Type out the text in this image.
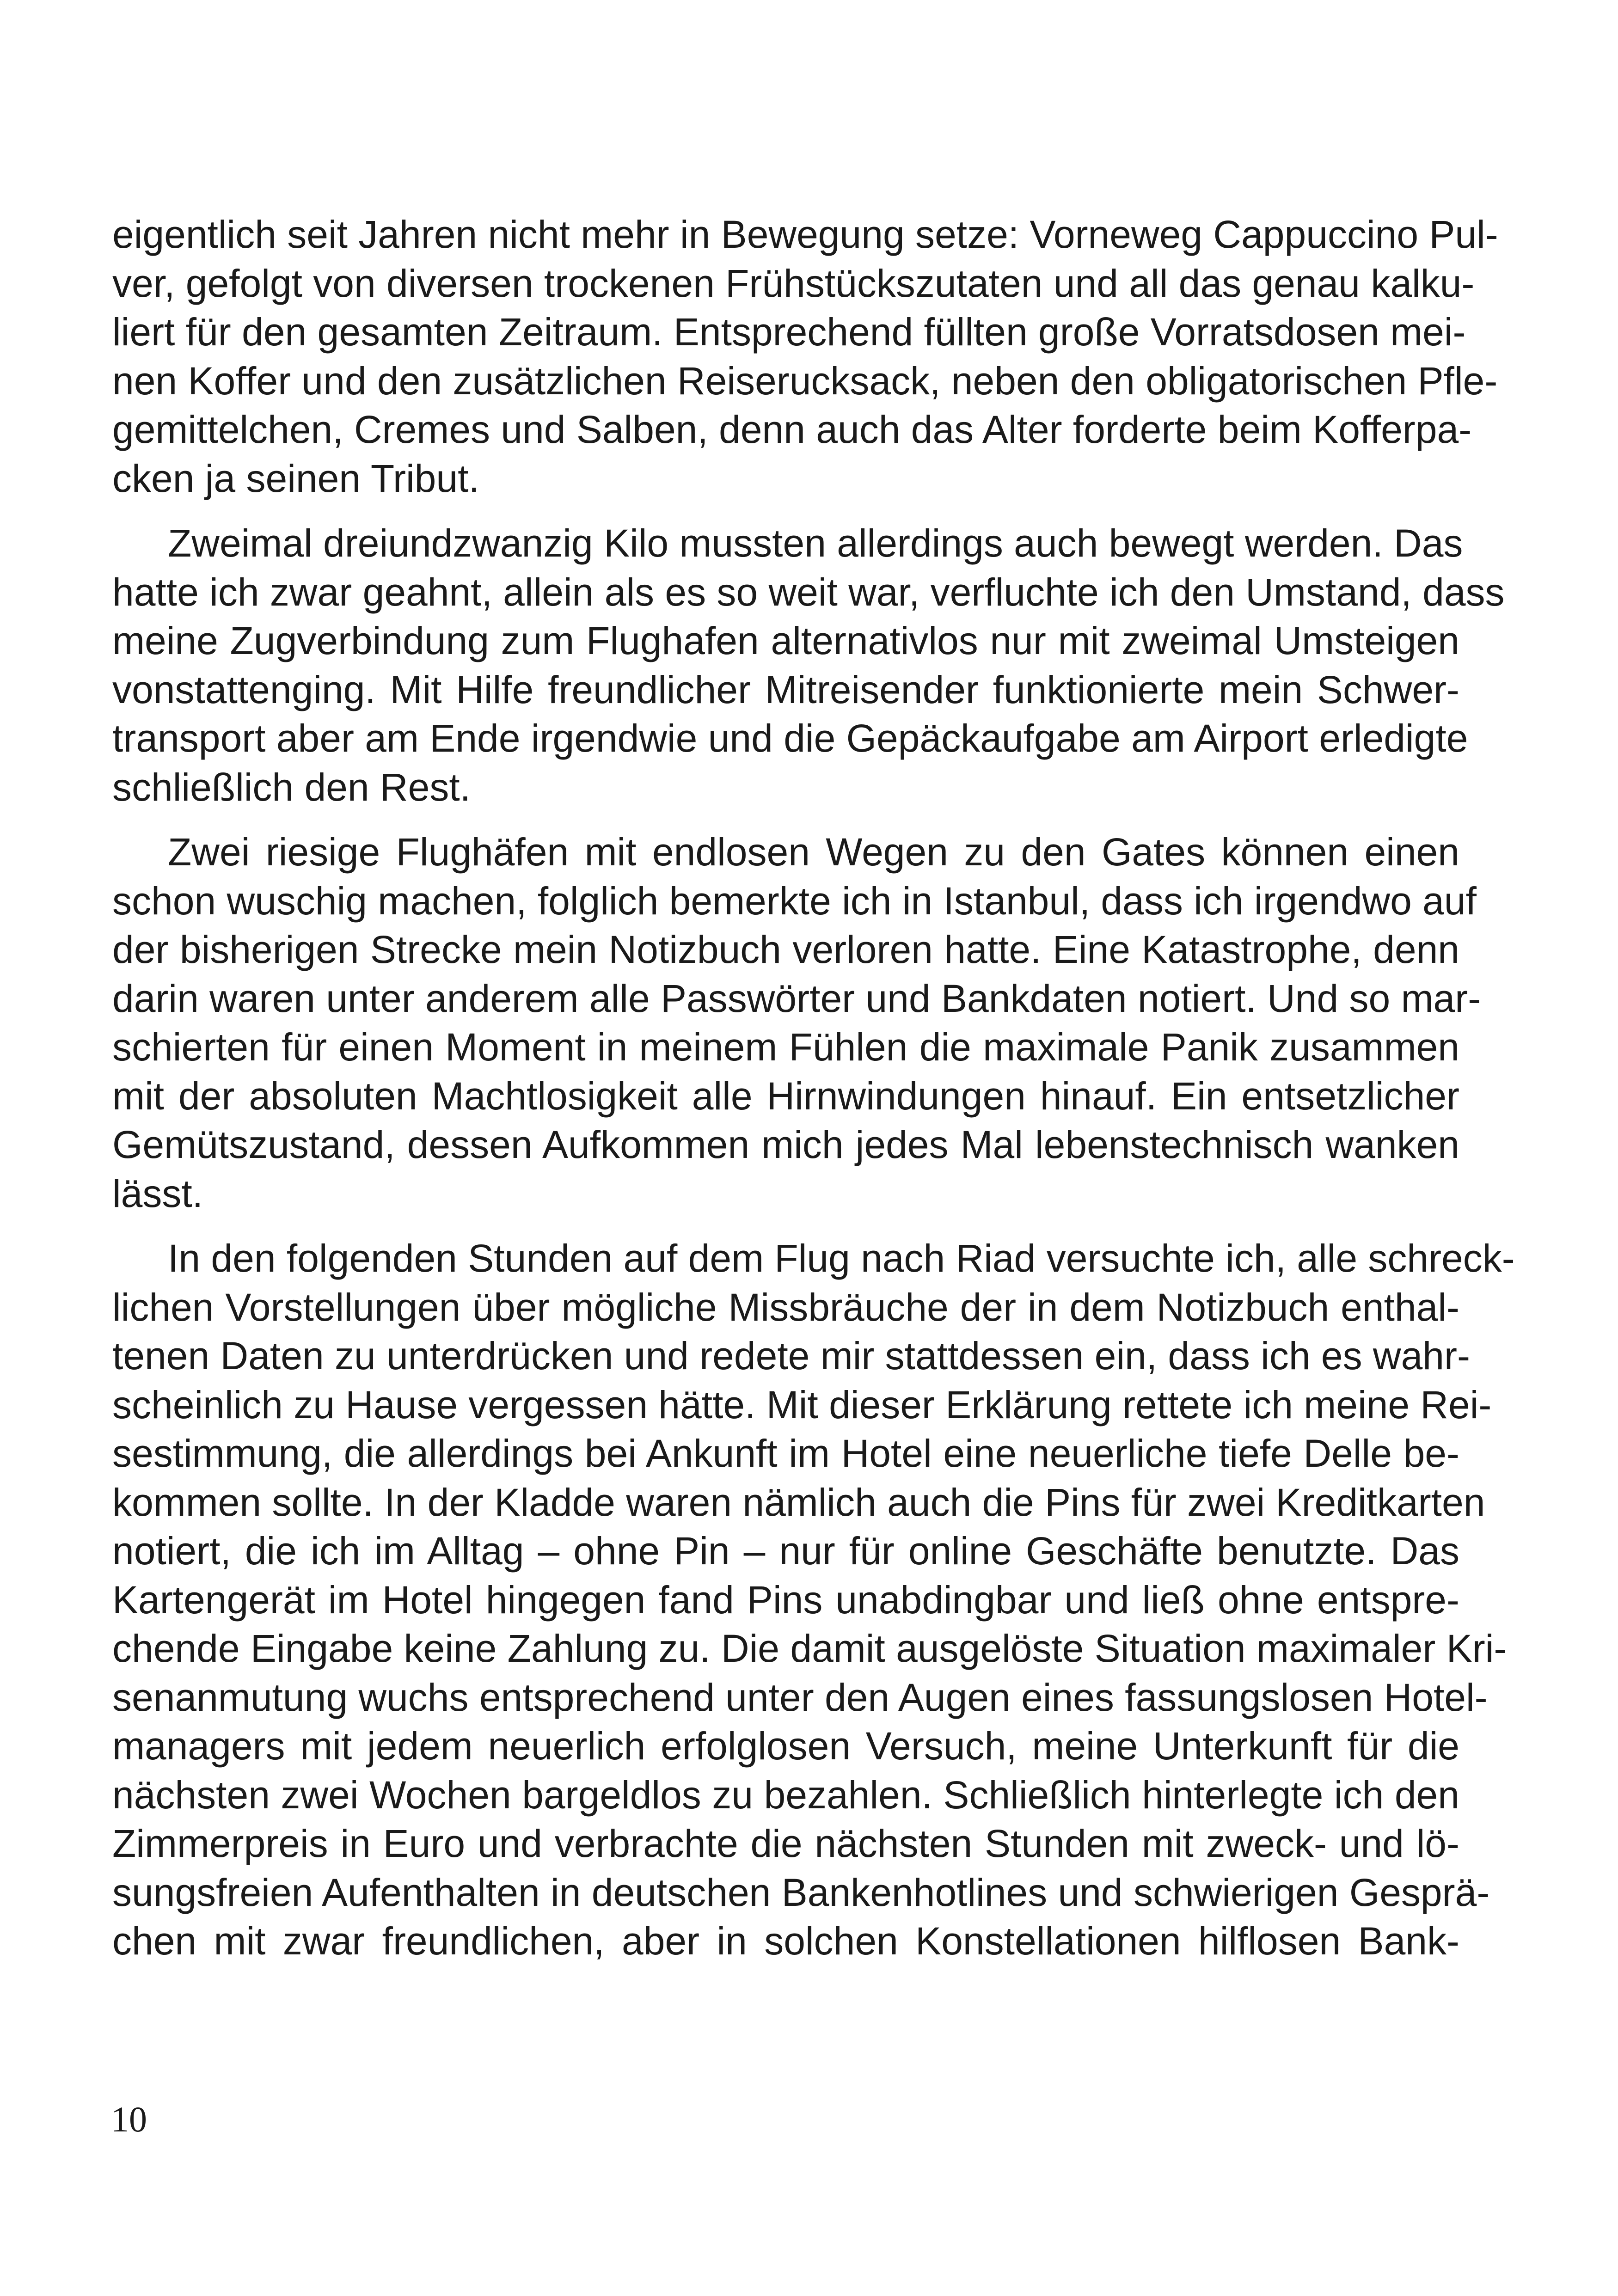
eigentlich seit Jahren nicht mehr in Bewegung setze: Vorneweg Cappuccino Pul-
ver, gefolgt von diversen trockenen Frühstückszutaten und all das genau kalku-
liert für den gesamten Zeitraum. Entsprechend füllten große Vorratsdosen mei-
nen Koffer und den zusätzlichen Reiserucksack, neben den obligatorischen Pfle-
gemittelchen, Cremes und Salben, denn auch das Alter forderte beim Kofferpa-
cken ja seinen Tribut.
Zweimal dreiundzwanzig Kilo mussten allerdings auch bewegt werden. Das
hatte ich zwar geahnt, allein als es so weit war, verfluchte ich den Umstand, dass
meine Zugverbindung zum Flughafen alternativlos nur mit zweimal Umsteigen
vonstattenging. Mit Hilfe freundlicher Mitreisender funktionierte mein Schwer-
transport aber am Ende irgendwie und die Gepäckaufgabe am Airport erledigte
schließlich den Rest.
Zwei riesige Flughäfen mit endlosen Wegen zu den Gates können einen
schon wuschig machen, folglich bemerkte ich in Istanbul, dass ich irgendwo auf
der bisherigen Strecke mein Notizbuch verloren hatte. Eine Katastrophe, denn
darin waren unter anderem alle Passwörter und Bankdaten notiert. Und so mar-
schierten für einen Moment in meinem Fühlen die maximale Panik zusammen
mit der absoluten Machtlosigkeit alle Hirnwindungen hinauf. Ein entsetzlicher
Gemütszustand, dessen Aufkommen mich jedes Mal lebenstechnisch wanken
lässt.
In den folgenden Stunden auf dem Flug nach Riad versuchte ich, alle schreck-
lichen Vorstellungen über mögliche Missbräuche der in dem Notizbuch enthal-
tenen Daten zu unterdrücken und redete mir stattdessen ein, dass ich es wahr-
scheinlich zu Hause vergessen hätte. Mit dieser Erklärung rettete ich meine Rei-
sestimmung, die allerdings bei Ankunft im Hotel eine neuerliche tiefe Delle be-
kommen sollte. In der Kladde waren nämlich auch die Pins für zwei Kreditkarten
notiert, die ich im Alltag – ohne Pin – nur für online Geschäfte benutzte. Das
Kartengerät im Hotel hingegen fand Pins unabdingbar und ließ ohne entspre-
chende Eingabe keine Zahlung zu. Die damit ausgelöste Situation maximaler Kri-
senanmutung wuchs entsprechend unter den Augen eines fassungslosen Hotel-
managers mit jedem neuerlich erfolglosen Versuch, meine Unterkunft für die
nächsten zwei Wochen bargeldlos zu bezahlen. Schließlich hinterlegte ich den
Zimmerpreis in Euro und verbrachte die nächsten Stunden mit zweck- und lö-
sungsfreien Aufenthalten in deutschen Bankenhotlines und schwierigen Gesprä-
chen mit zwar freundlichen, aber in solchen Konstellationen hilflosen Bank-
10
